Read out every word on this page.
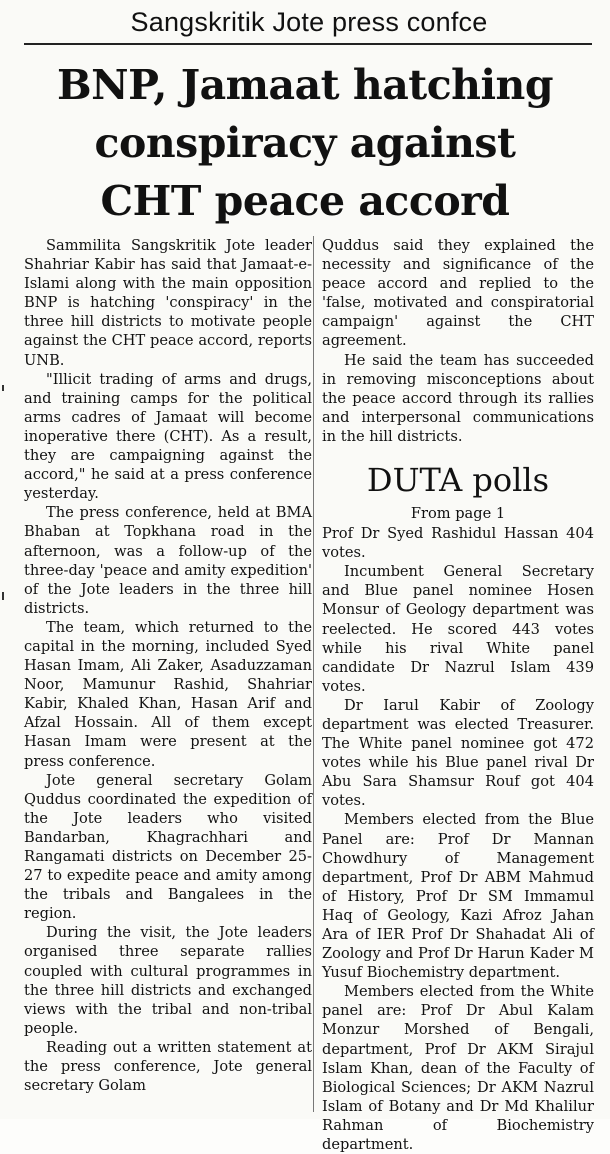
Sangskritik Jote press confce
BNP, Jamaat hatching
conspiracy against
CHT peace accord

Sammilita Sangskritik Jote leader Shahriar Kabir has said that Jamaat-e-Islami along with the main opposition BNP is hatching 'conspiracy' in the three hill districts to motivate people against the CHT peace accord, reports UNB.

"Illicit trading of arms and drugs, and training camps for the political arms cadres of Jamaat will become inoperative there (CHT). As a result, they are campaigning against the accord," he said at a press conference yesterday.

The press conference, held at BMA Bhaban at Topkhana road in the afternoon, was a follow-up of the three-day 'peace and amity expedition' of the Jote leaders in the three hill districts.

The team, which returned to the capital in the morning, included Syed Hasan Imam, Ali Zaker, Asaduzzaman Noor, Mamunur Rashid, Shahriar Kabir, Khaled Khan, Hasan Arif and Afzal Hossain. All of them except Hasan Imam were present at the press conference.

Jote general secretary Golam Quddus coordinated the expedition of the Jote leaders who visited Bandarban, Khagrachhari and Rangamati districts on December 25-27 to expedite peace and amity among the tribals and Bangalees in the region.

During the visit, the Jote leaders organised three separate rallies coupled with cultural programmes in the three hill districts and exchanged views with the tribal and non-tribal people.

Reading out a written statement at the press conference, Jote general secretary Golam

Quddus said they explained the necessity and significance of the peace accord and replied to the 'false, motivated and conspiratorial campaign' against the CHT agreement.

He said the team has succeeded in removing misconceptions about the peace accord through its rallies and interpersonal communications in the hill districts.

DUTA polls
From page 1

Prof Dr Syed Rashidul Hassan 404 votes.

Incumbent General Secretary and Blue panel nominee Hosen Monsur of Geology department was reelected. He scored 443 votes while his rival White panel candidate Dr Nazrul Islam 439 votes.

Dr Iarul Kabir of Zoology department was elected Treasurer. The White panel nominee got 472 votes while his Blue panel rival Dr Abu Sara Shamsur Rouf got 404 votes.

Members elected from the Blue Panel are: Prof Dr Mannan Chowdhury of Management department, Prof Dr ABM Mahmud of History, Prof Dr SM Immamul Haq of Geology, Kazi Afroz Jahan Ara of IER Prof Dr Shahadat Ali of Zoology and Prof Dr Harun Kader M Yusuf Biochemistry department.

Members elected from the White panel are: Prof Dr Abul Kalam Monzur Morshed of Bengali, department, Prof Dr AKM Sirajul Islam Khan, dean of the Faculty of Biological Sciences; Dr AKM Nazrul Islam of Botany and Dr Md Khalilur Rahman of Biochemistry department.
